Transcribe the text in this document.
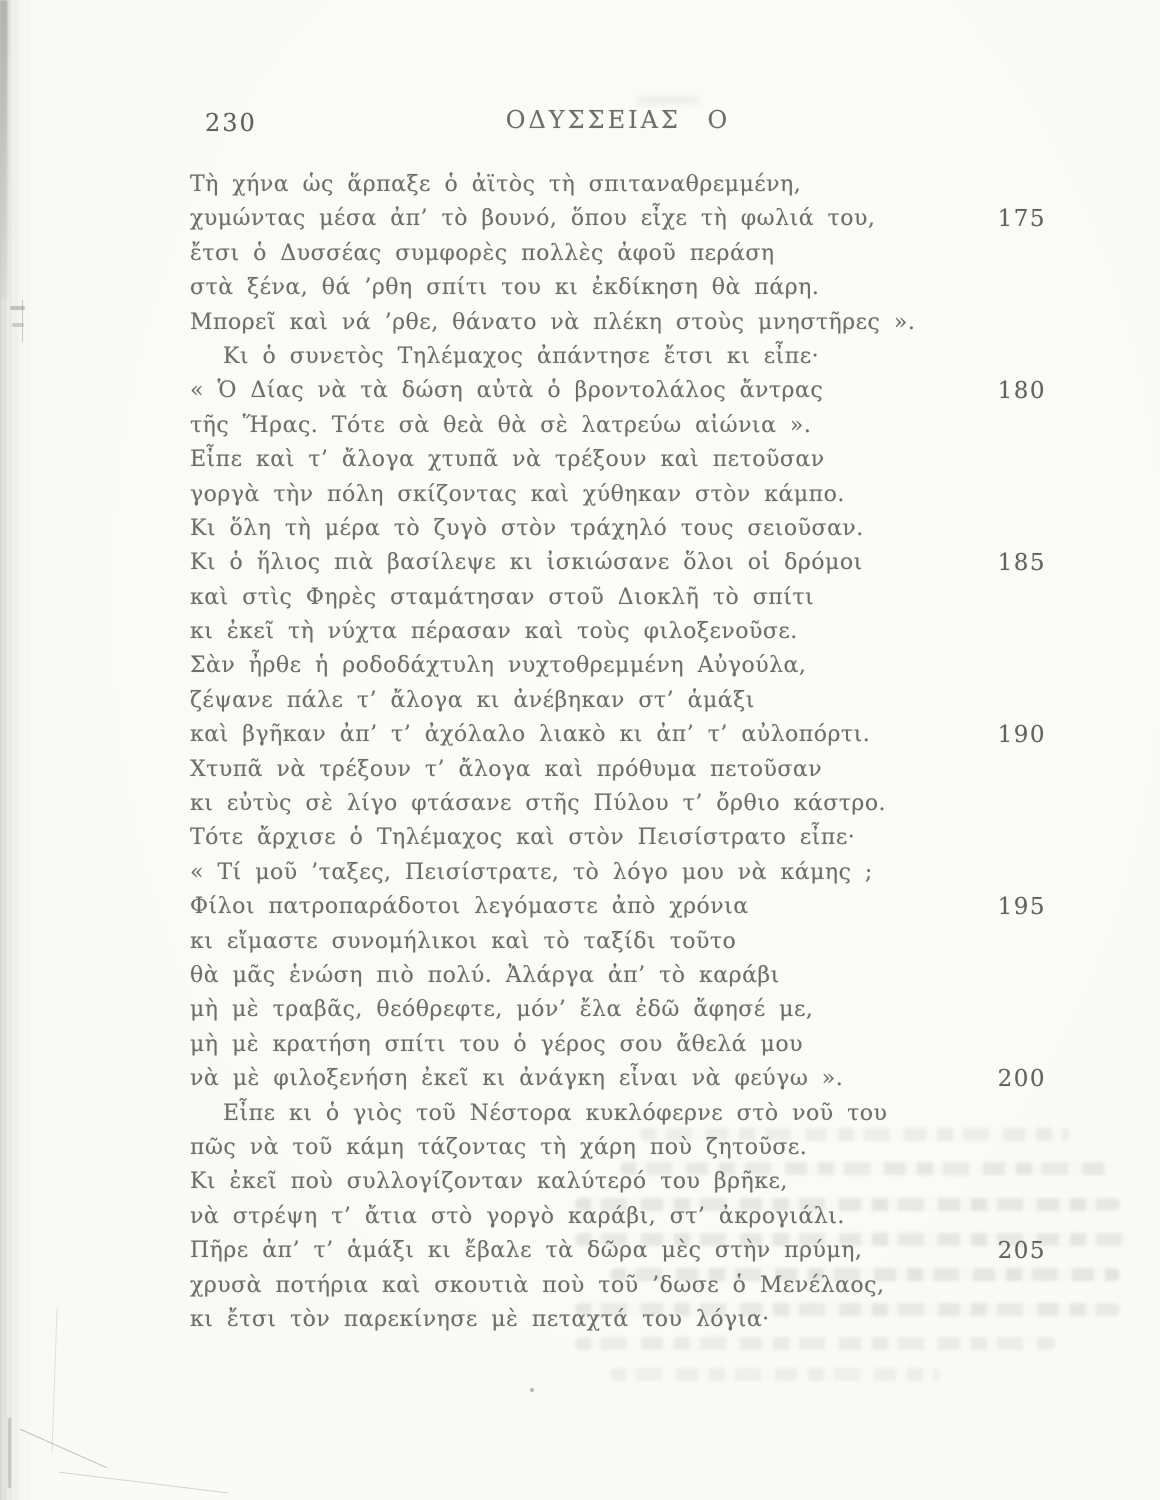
230	ΟΔΥΣΣΕΙΑΣ Ο
Τὴ χήνα ὡς ἅρπαξε ὁ ἀϊτὸς τὴ σπιταναθρεμμένη,
χυμώντας μέσα ἀπ’ τὸ βουνό, ὅπου εἶχε τὴ φωλιά του,	175
ἔτσι ὁ Δυσσέας συμφορὲς πολλὲς ἀφοῦ περάση
στὰ ξένα, θά ’ρθη σπίτι του κι ἐκδίκηση θὰ πάρη.
Μπορεῖ καὶ νά ’ρθε, θάνατο νὰ πλέκη στοὺς μνηστῆρες ».
Κι ὁ συνετὸς Τηλέμαχος ἀπάντησε ἔτσι κι εἶπε·
« Ὁ Δίας νὰ τὰ δώση αὐτὰ ὁ βροντολάλος ἄντρας	180
τῆς Ἥρας. Τότε σὰ θεὰ θὰ σὲ λατρεύω αἰώνια ».
Εἶπε καὶ τ’ ἄλογα χτυπᾶ νὰ τρέξουν καὶ πετοῦσαν
γοργὰ τὴν πόλη σκίζοντας καὶ χύθηκαν στὸν κάμπο.
Κι ὅλη τὴ μέρα τὸ ζυγὸ στὸν τράχηλό τους σειοῦσαν.
Κι ὁ ἥλιος πιὰ βασίλεψε κι ἰσκιώσανε ὅλοι οἱ δρόμοι	185
καὶ στὶς Φηρὲς σταμάτησαν στοῦ Διοκλῆ τὸ σπίτι
κι ἐκεῖ τὴ νύχτα πέρασαν καὶ τοὺς φιλοξενοῦσε.
Σὰν ἦρθε ἡ ροδοδάχτυλη νυχτοθρεμμένη Αὐγούλα,
ζέψανε πάλε τ’ ἄλογα κι ἀνέβηκαν στ’ ἁμάξι
καὶ βγῆκαν ἀπ’ τ’ ἀχόλαλο λιακὸ κι ἀπ’ τ’ αὐλοπόρτι.	190
Χτυπᾶ νὰ τρέξουν τ’ ἄλογα καὶ πρόθυμα πετοῦσαν
κι εὐτὺς σὲ λίγο φτάσανε στῆς Πύλου τ’ ὄρθιο κάστρο.
Τότε ἄρχισε ὁ Τηλέμαχος καὶ στὸν Πεισίστρατο εἶπε·
« Τί μοῦ ’ταξες, Πεισίστρατε, τὸ λόγο μου νὰ κάμης ;
Φίλοι πατροπαράδοτοι λεγόμαστε ἀπὸ χρόνια	195
κι εἴμαστε συνομήλικοι καὶ τὸ ταξίδι τοῦτο
θὰ μᾶς ἑνώση πιὸ πολύ. Ἀλάργα ἀπ’ τὸ καράβι
μὴ μὲ τραβᾶς, θεόθρεφτε, μόν’ ἔλα ἐδῶ ἄφησέ με,
μὴ μὲ κρατήση σπίτι του ὁ γέρος σου ἄθελά μου
νὰ μὲ φιλοξενήση ἐκεῖ κι ἀνάγκη εἶναι νὰ φεύγω ».	200
Εἶπε κι ὁ γιὸς τοῦ Νέστορα κυκλόφερνε στὸ νοῦ του
πῶς νὰ τοῦ κάμη τάζοντας τὴ χάρη ποὺ ζητοῦσε.
Κι ἐκεῖ ποὺ συλλογίζονταν καλύτερό του βρῆκε,
νὰ στρέψη τ’ ἄτια στὸ γοργὸ καράβι, στ’ ἀκρογιάλι.
Πῆρε ἀπ’ τ’ ἁμάξι κι ἔβαλε τὰ δῶρα μὲς στὴν πρύμη,	205
χρυσὰ ποτήρια καὶ σκουτιὰ ποὺ τοῦ ’δωσε ὁ Μενέλαος,
κι ἔτσι τὸν παρεκίνησε μὲ πεταχτά του λόγια·
